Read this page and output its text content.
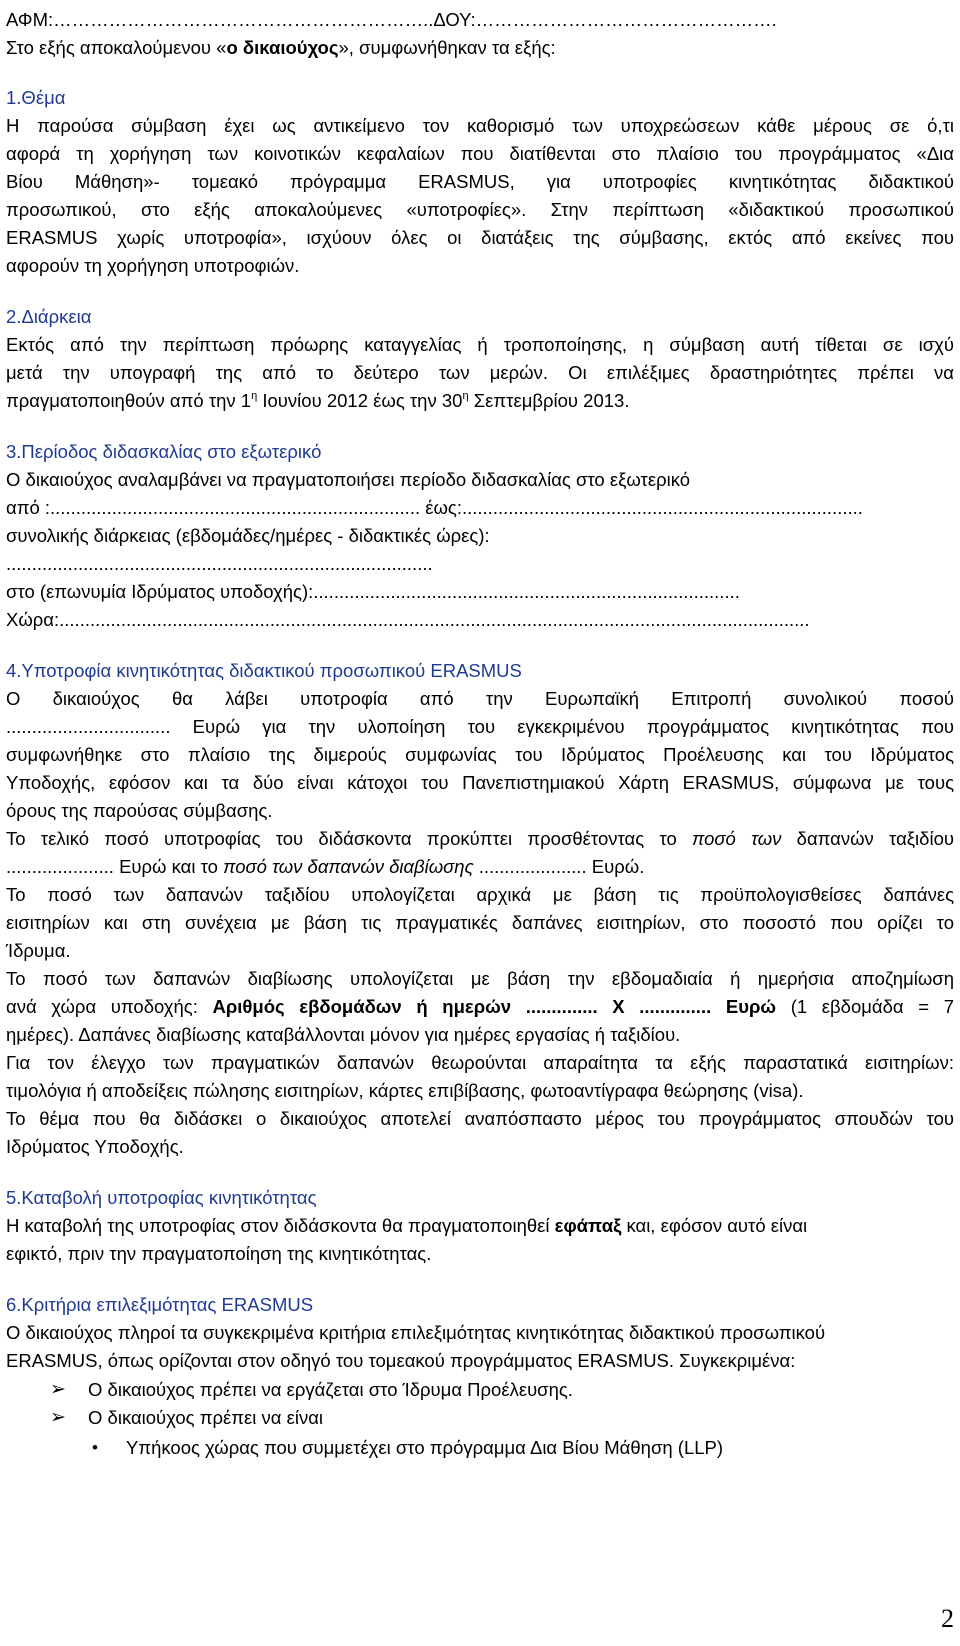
ΑΦΜ:……………………………………………………..ΔΟΥ:………………………………………….
Στο εξής αποκαλούμενου «ο δικαιούχος», συμφωνήθηκαν τα εξής:
1.Θέμα
Η παρούσα σύμβαση έχει ως αντικείμενο τον καθορισμό των υποχρεώσεων κάθε μέρους σε ό,τι
αφορά τη χορήγηση των κοινοτικών κεφαλαίων που διατίθενται στο πλαίσιο του προγράμματος «Δια
Βίου Μάθηση»- τομεακό πρόγραμμα ERASMUS, για υποτροφίες κινητικότητας διδακτικού
προσωπικού, στο εξής αποκαλούμενες «υποτροφίες». Στην περίπτωση «διδακτικού προσωπικού
ERASMUS χωρίς υποτροφία», ισχύουν όλες οι διατάξεις της σύμβασης, εκτός από εκείνες που
αφορούν τη χορήγηση υποτροφιών.
2.Διάρκεια
Εκτός από την περίπτωση πρόωρης καταγγελίας ή τροποποίησης, η σύμβαση αυτή τίθεται σε ισχύ
μετά την υπογραφή της από το δεύτερο των μερών. Οι επιλέξιμες δραστηριότητες πρέπει να
πραγματοποιηθούν από την $1^\eta$ Ιουνίου 2012 έως την $30^\eta$ Σεπτεμβρίου 2013.
3.Περίοδος διδασκαλίας στο εξωτερικό
Ο δικαιούχος αναλαμβάνει να πραγματοποιήσει περίοδο διδασκαλίας στο εξωτερικό
από :........................................................................ έως:..............................................................................
συνολικής διάρκειας (εβδομάδες/ημέρες - διδακτικές ώρες):
...................................................................................
στο (επωνυμία Ιδρύματος υποδοχής):...................................................................................
Χώρα:..................................................................................................................................................
4.Υποτροφία κινητικότητας διδακτικού προσωπικού ERASMUS
Ο δικαιούχος θα λάβει υποτροφία από την Ευρωπαϊκή Επιτροπή συνολικού ποσού
................................ Ευρώ για την υλοποίηση του εγκεκριμένου προγράμματος κινητικότητας που
συμφωνήθηκε στο πλαίσιο της διμερούς συμφωνίας του Ιδρύματος Προέλευσης και του Ιδρύματος
Υποδοχής, εφόσον και τα δύο είναι κάτοχοι του Πανεπιστημιακού Χάρτη ERASMUS, σύμφωνα με τους
όρους της παρούσας σύμβασης.
Το τελικό ποσό υποτροφίας του διδάσκοντα προκύπτει προσθέτοντας το ποσό των δαπανών ταξιδίου
..................... Ευρώ και το ποσό των δαπανών διαβίωσης ..................... Ευρώ.
Το ποσό των δαπανών ταξιδίου υπολογίζεται αρχικά με βάση τις προϋπολογισθείσες δαπάνες
εισιτηρίων και στη συνέχεια με βάση τις πραγματικές δαπάνες εισιτηρίων, στο ποσοστό που ορίζει το
Ίδρυμα.
Το ποσό των δαπανών διαβίωσης υπολογίζεται με βάση την εβδομαδιαία ή ημερήσια αποζημίωση
ανά χώρα υποδοχής: Αριθμός εβδομάδων ή ημερών .............. Χ .............. Ευρώ (1 εβδομάδα = 7
ημέρες). Δαπάνες διαβίωσης καταβάλλονται μόνον για ημέρες εργασίας ή ταξιδίου.
Για τον έλεγχο των πραγματικών δαπανών θεωρούνται απαραίτητα τα εξής παραστατικά εισιτηρίων:
τιμολόγια ή αποδείξεις πώλησης εισιτηρίων, κάρτες επιβίβασης, φωτοαντίγραφα θεώρησης (visa).
Το θέμα που θα διδάσκει ο δικαιούχος αποτελεί αναπόσπαστο μέρος του προγράμματος σπουδών του
Ιδρύματος Υποδοχής.
5.Καταβολή υποτροφίας κινητικότητας
Η καταβολή της υποτροφίας στον διδάσκοντα θα πραγματοποιηθεί εφάπαξ και, εφόσον αυτό είναι
εφικτό, πριν την πραγματοποίηση της κινητικότητας.
6.Κριτήρια επιλεξιμότητας ERASMUS
Ο δικαιούχος πληροί τα συγκεκριμένα κριτήρια επιλεξιμότητας κινητικότητας διδακτικού προσωπικού
ERASMUS, όπως ορίζονται στον οδηγό του τομεακού προγράμματος ERASMUS. Συγκεκριμένα:
➢ Ο δικαιούχος πρέπει να εργάζεται στο Ίδρυμα Προέλευσης.
➢ Ο δικαιούχος πρέπει να είναι
• Υπήκοος χώρας που συμμετέχει στο πρόγραμμα Δια Βίου Μάθηση (LLP)
2
